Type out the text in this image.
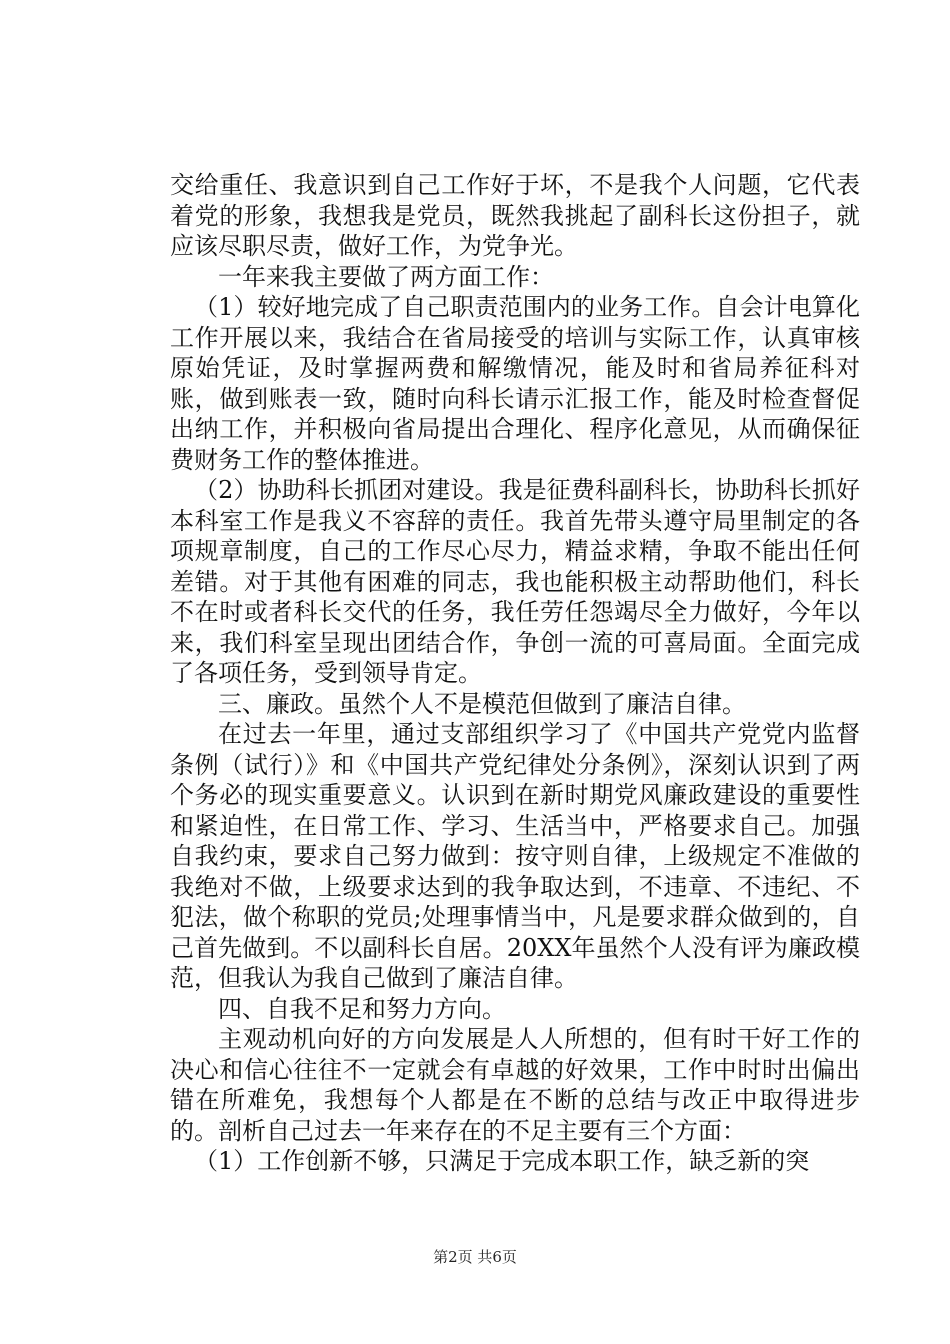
交给重任、我意识到自己工作好于坏，不是我个人问题，它代表着党的形象，我想我是党员，既然我挑起了副科长这份担子，就应该尽职尽责，做好工作，为党争光。

一年来我主要做了两方面工作：

（1）较好地完成了自己职责范围内的业务工作。自会计电算化工作开展以来，我结合在省局接受的培训与实际工作，认真审核原始凭证，及时掌握两费和解缴情况，能及时和省局养征科对账，做到账表一致，随时向科长请示汇报工作，能及时检查督促出纳工作，并积极向省局提出合理化、程序化意见，从而确保征费财务工作的整体推进。

（2）协助科长抓团对建设。我是征费科副科长，协助科长抓好本科室工作是我义不容辞的责任。我首先带头遵守局里制定的各项规章制度，自己的工作尽心尽力，精益求精，争取不能出任何差错。对于其他有困难的同志，我也能积极主动帮助他们，科长不在时或者科长交代的任务，我任劳任怨竭尽全力做好，今年以来，我们科室呈现出团结合作，争创一流的可喜局面。全面完成了各项任务，受到领导肯定。

三、廉政。虽然个人不是模范但做到了廉洁自律。

在过去一年里，通过支部组织学习了《中国共产党党内监督条例（试行）》和《中国共产党纪律处分条例》，深刻认识到了两个务必的现实重要意义。认识到在新时期党风廉政建设的重要性和紧迫性，在日常工作、学习、生活当中，严格要求自己。加强自我约束，要求自己努力做到：按守则自律，上级规定不准做的我绝对不做，上级要求达到的我争取达到，不违章、不违纪、不犯法，做个称职的党员;处理事情当中，凡是要求群众做到的，自己首先做到。不以副科长自居。20XX年虽然个人没有评为廉政模范，但我认为我自己做到了廉洁自律。

四、自我不足和努力方向。

主观动机向好的方向发展是人人所想的，但有时干好工作的决心和信心往往不一定就会有卓越的好效果，工作中时时出偏出错在所难免，我想每个人都是在不断的总结与改正中取得进步的。剖析自己过去一年来存在的不足主要有三个方面：

（1）工作创新不够，只满足于完成本职工作，缺乏新的突

第2页 共6页
